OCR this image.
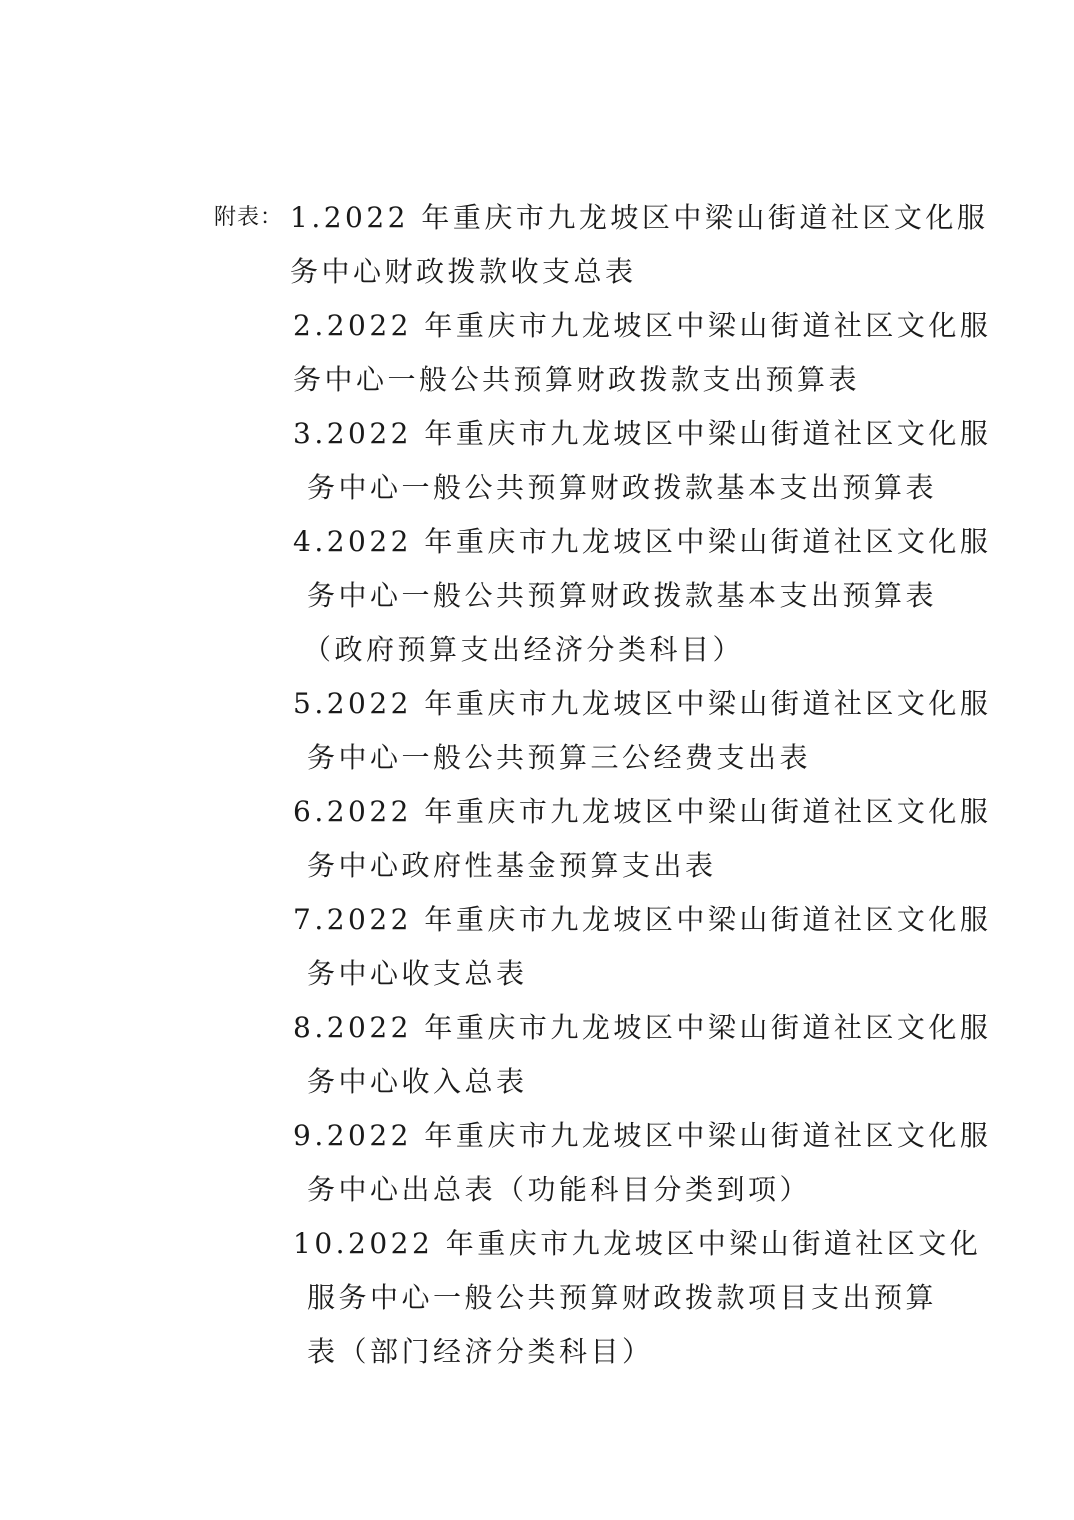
附表： 1.2022 年重庆市九龙坡区中梁山街道社区文化服
务中心财政拨款收支总表
2.2022 年重庆市九龙坡区中梁山街道社区文化服
务中心一般公共预算财政拨款支出预算表
3.2022 年重庆市九龙坡区中梁山街道社区文化服
务中心一般公共预算财政拨款基本支出预算表
4.2022 年重庆市九龙坡区中梁山街道社区文化服
务中心一般公共预算财政拨款基本支出预算表
（政府预算支出经济分类科目）
5.2022 年重庆市九龙坡区中梁山街道社区文化服
务中心一般公共预算三公经费支出表
6.2022 年重庆市九龙坡区中梁山街道社区文化服
务中心政府性基金预算支出表
7.2022 年重庆市九龙坡区中梁山街道社区文化服
务中心收支总表
8.2022 年重庆市九龙坡区中梁山街道社区文化服
务中心收入总表
9.2022 年重庆市九龙坡区中梁山街道社区文化服
务中心出总表（功能科目分类到项）
10.2022 年重庆市九龙坡区中梁山街道社区文化
服务中心一般公共预算财政拨款项目支出预算
表（部门经济分类科目）
